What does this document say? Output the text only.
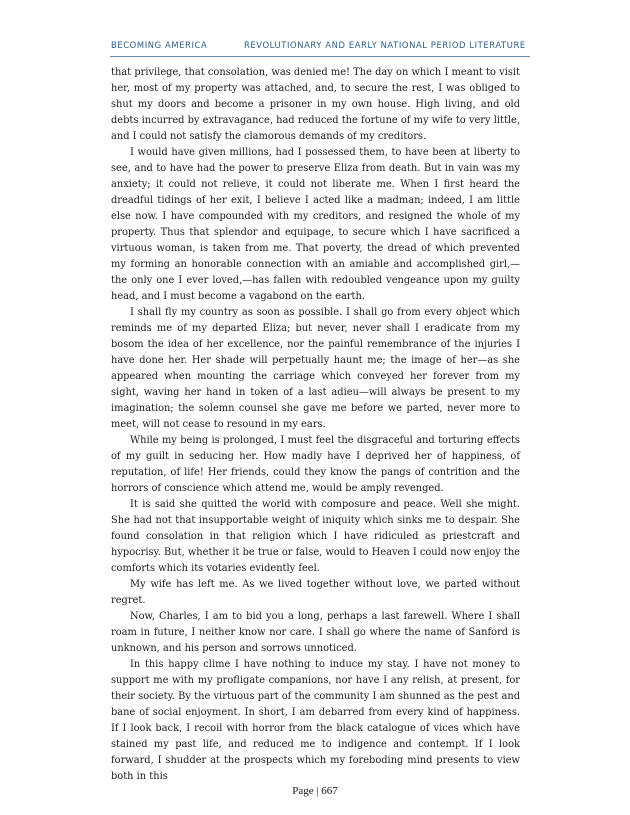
BECOMING AMERICA	REVOLUTIONARY AND EARLY NATIONAL PERIOD LITERATURE

that privilege, that consolation, was denied me! The day on which I meant to visit her, most of my property was attached, and, to secure the rest, I was obliged to shut my doors and become a prisoner in my own house. High living, and old debts incurred by extravagance, had reduced the fortune of my wife to very little, and I could not satisfy the clamorous demands of my creditors.

I would have given millions, had I possessed them, to have been at liberty to see, and to have had the power to preserve Eliza from death. But in vain was my anxiety; it could not relieve, it could not liberate me. When I first heard the dreadful tidings of her exit, I believe I acted like a madman; indeed, I am little else now. I have compounded with my creditors, and resigned the whole of my property. Thus that splendor and equipage, to secure which I have sacrificed a virtuous woman, is taken from me. That poverty, the dread of which prevented my forming an honorable connection with an amiable and accomplished girl,—the only one I ever loved,—has fallen with redoubled vengeance upon my guilty head, and I must become a vagabond on the earth.

I shall fly my country as soon as possible. I shall go from every object which reminds me of my departed Eliza; but never, never shall I eradicate from my bosom the idea of her excellence, nor the painful remembrance of the injuries I have done her. Her shade will perpetually haunt me; the image of her—as she appeared when mounting the carriage which conveyed her forever from my sight, waving her hand in token of a last adieu—will always be present to my imagination; the solemn counsel she gave me before we parted, never more to meet, will not cease to resound in my ears.

While my being is prolonged, I must feel the disgraceful and torturing effects of my guilt in seducing her. How madly have I deprived her of happiness, of reputation, of life! Her friends, could they know the pangs of contrition and the horrors of conscience which attend me, would be amply revenged.

It is said she quitted the world with composure and peace. Well she might. She had not that insupportable weight of iniquity which sinks me to despair. She found consolation in that religion which I have ridiculed as priestcraft and hypocrisy. But, whether it be true or false, would to Heaven I could now enjoy the comforts which its votaries evidently feel.

My wife has left me. As we lived together without love, we parted without regret.

Now, Charles, I am to bid you a long, perhaps a last farewell. Where I shall roam in future, I neither know nor care. I shall go where the name of Sanford is unknown, and his person and sorrows unnoticed.

In this happy clime I have nothing to induce my stay. I have not money to support me with my profligate companions, nor have I any relish, at present, for their society. By the virtuous part of the community I am shunned as the pest and bane of social enjoyment. In short, I am debarred from every kind of happiness. If I look back, I recoil with horror from the black catalogue of vices which have stained my past life, and reduced me to indigence and contempt. If I look forward, I shudder at the prospects which my foreboding mind presents to view both in this

Page | 667
